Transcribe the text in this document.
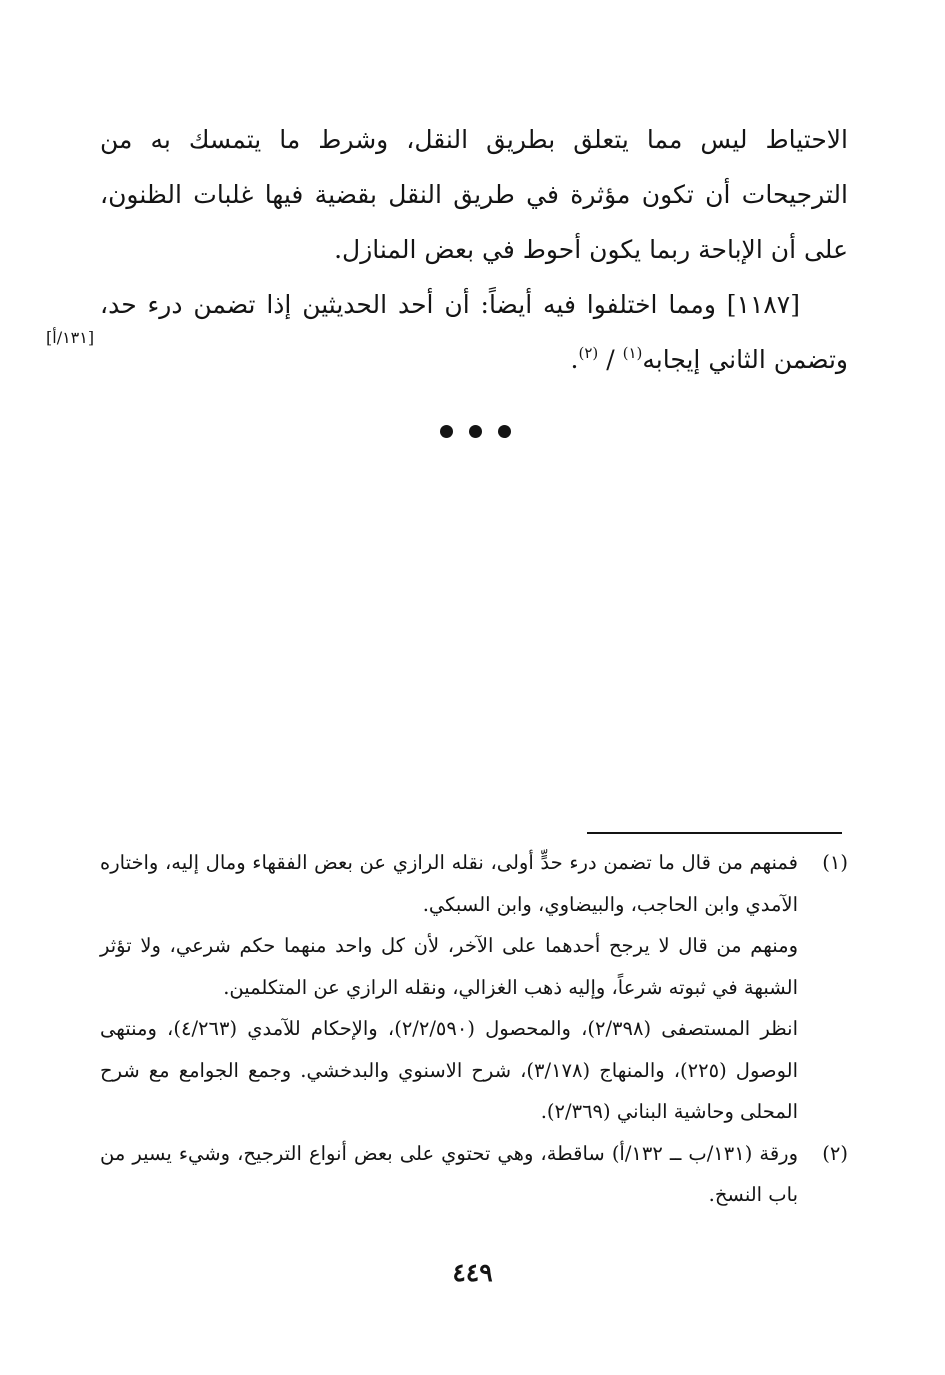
الاحتياط ليس مما يتعلق بطريق النقل، وشرط ما يتمسك به من الترجيحات أن تكون مؤثرة في طريق النقل بقضية فيها غلبات الظنون، على أن الإباحة ربما يكون أحوط في بعض المنازل.

[١١٨٧] ومما اختلفوا فيه أيضاً: أن أحد الحديثين إذا تضمن درء حد، وتضمن الثاني إيجابه$^{(١)}$ / $^{(٢)}$.

[١٣١/أ]
(١)
فمنهم من قال ما تضمن درء حدٍّ أولى، نقله الرازي عن بعض الفقهاء ومال إليه، واختاره الآمدي وابن الحاجب، والبيضاوي، وابن السبكي.
ومنهم من قال لا يرجح أحدهما على الآخر، لأن كل واحد منهما حكم شرعي، ولا تؤثر الشبهة في ثبوته شرعاً، وإليه ذهب الغزالي، ونقله الرازي عن المتكلمين.
انظر المستصفى (٢/٣٩٨)، والمحصول (٢/٢/٥٩٠)، والإحكام للآمدي (٤/٢٦٣)، ومنتهى الوصول (٢٢٥)، والمنهاج (٣/١٧٨)، شرح الاسنوي والبدخشي. وجمع الجوامع مع شرح المحلى وحاشية البناني (٢/٣٦٩).
(٢)
ورقة (١٣١/ب ــ ١٣٢/أ) ساقطة، وهي تحتوي على بعض أنواع الترجيح، وشيء يسير من باب النسخ.
٤٤٩
